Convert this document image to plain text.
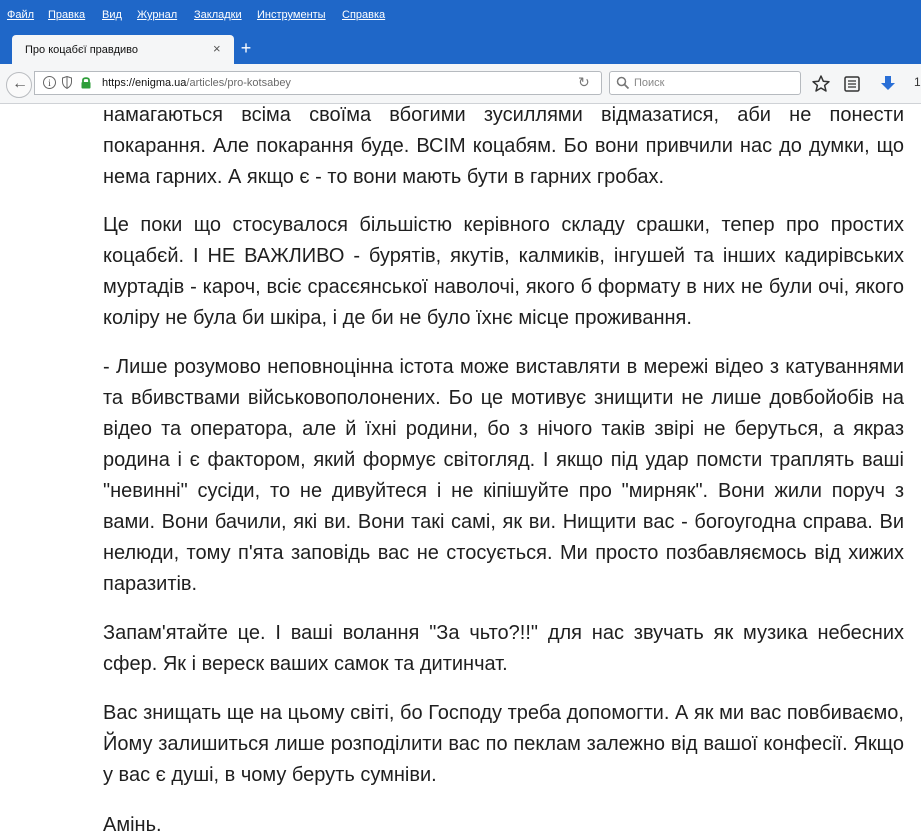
Файл Правка Вид Журнал Закладки Инструменты Справка
Про коцабєї правдиво	× +
←	i	https://enigma.ua/articles/pro-kotsabey	↻	Поиск	1

намагаються всіма своїма вбогими зусиллями відмазатися, аби не понести покарання. Але покарання буде. ВСІМ коцабям. Бо вони привчили нас до думки, що нема гарних. А якщо є - то вони мають бути в гарних гробах.

Це поки що стосувалося більшістю керівного складу срашки, тепер про простих коцабєй. І НЕ ВАЖЛИВО - бурятів, якутів, калмиків, інгушей та інших кадирівських муртадів - кароч, всіє срасєянської наволочі, якого б формату в них не були очі, якого коліру не була би шкіра, і де би не було їхнє місце проживання.

- Лише розумово неповноцінна істота може виставляти в мережі відео з катуваннями та вбивствами військовополонених. Бо це мотивує знищити не лише довбойобів на відео та оператора, але й їхні родини, бо з нічого таків звірі не беруться, а якраз родина і є фактором, який формує світогляд. І якщо під удар помсти траплять ваші "невинні" сусіди, то не дивуйтеся і не кіпішуйте про "мирняк". Вони жили поруч з вами. Вони бачили, які ви. Вони такі самі, як ви. Нищити вас - богоугодна справа. Ви нелюди, тому п'ята заповідь вас не стосується. Ми просто позбавляємось від хижих паразитів.

Запам'ятайте це. І ваші волання "За чьто?!!" для нас звучать як музика небесних сфер. Як і вереск ваших самок та дитинчат.

Вас знищать ще на цьому світі, бо Господу треба допомогти. А як ми вас повбиваємо, Йому залишиться лише розподілити вас по пеклам залежно від вашої конфесії. Якщо у вас є душі, в чому беруть сумніви.

Амінь.
